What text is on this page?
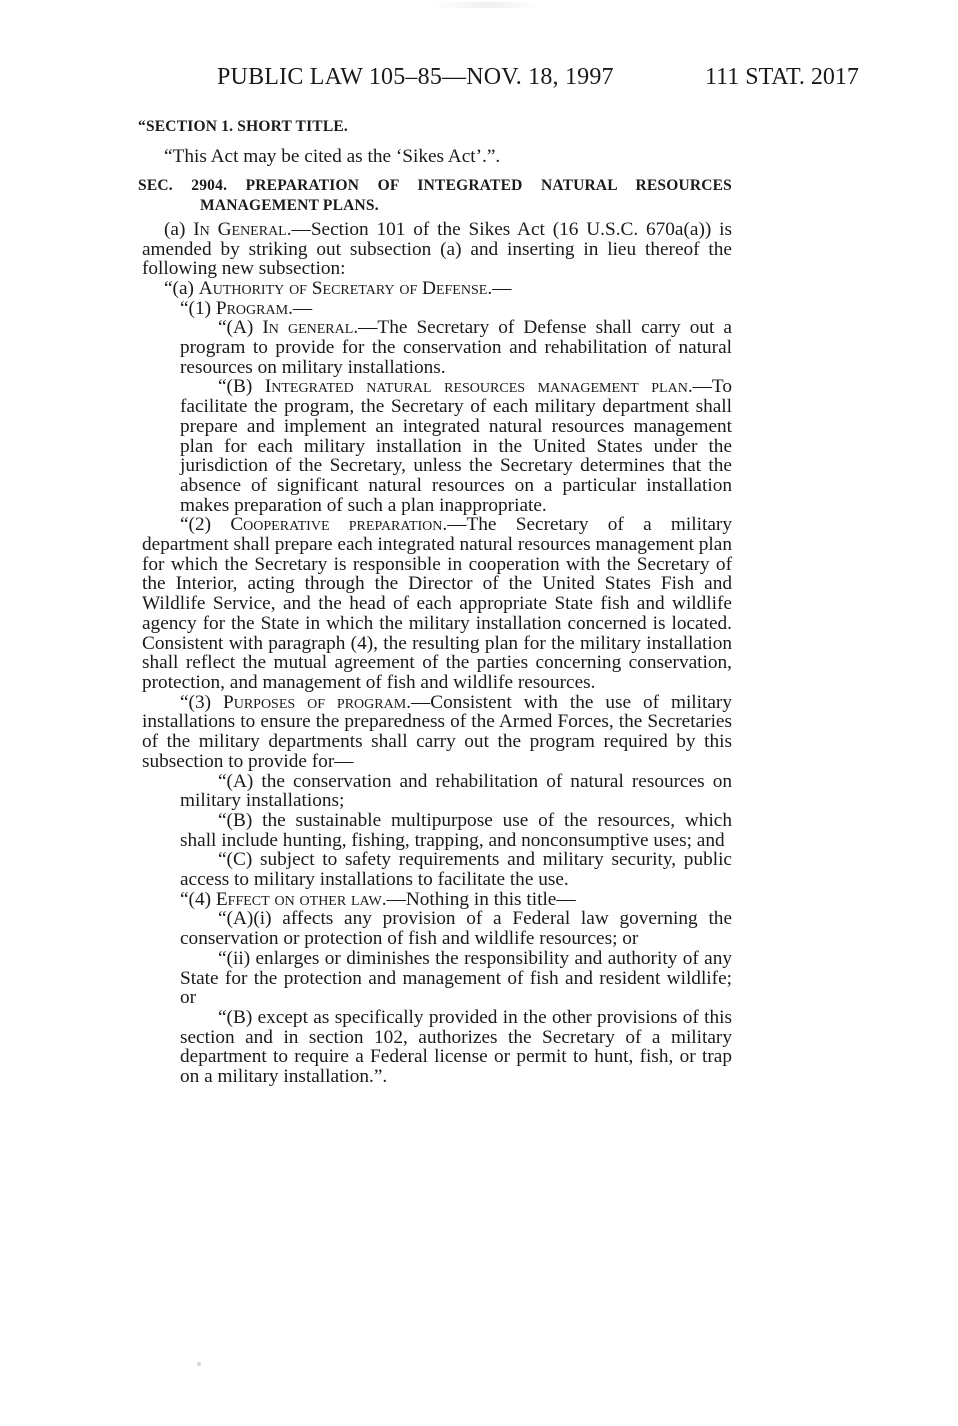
PUBLIC LAW 105–85—NOV. 18, 1997	111 STAT. 2017

“SECTION 1. SHORT TITLE.

“This Act may be cited as the ‘Sikes Act’.”.

SEC. 2904. PREPARATION OF INTEGRATED NATURAL RESOURCES MANAGEMENT PLANS.

(a) In General.—Section 101 of the Sikes Act (16 U.S.C. 670a(a)) is amended by striking out subsection (a) and inserting in lieu thereof the following new subsection:

“(a) Authority of Secretary of Defense.—

“(1) Program.—

“(A) In general.—The Secretary of Defense shall carry out a program to provide for the conservation and rehabilitation of natural resources on military installations.

“(B) Integrated natural resources management plan.—To facilitate the program, the Secretary of each military department shall prepare and implement an integrated natural resources management plan for each military installation in the United States under the jurisdiction of the Secretary, unless the Secretary determines that the absence of significant natural resources on a particular installation makes preparation of such a plan inappropriate.

“(2) Cooperative preparation.—The Secretary of a military department shall prepare each integrated natural resources management plan for which the Secretary is responsible in cooperation with the Secretary of the Interior, acting through the Director of the United States Fish and Wildlife Service, and the head of each appropriate State fish and wildlife agency for the State in which the military installation concerned is located. Consistent with paragraph (4), the resulting plan for the military installation shall reflect the mutual agreement of the parties concerning conservation, protection, and management of fish and wildlife resources.

“(3) Purposes of program.—Consistent with the use of military installations to ensure the preparedness of the Armed Forces, the Secretaries of the military departments shall carry out the program required by this subsection to provide for—

“(A) the conservation and rehabilitation of natural resources on military installations;

“(B) the sustainable multipurpose use of the resources, which shall include hunting, fishing, trapping, and nonconsumptive uses; and

“(C) subject to safety requirements and military security, public access to military installations to facilitate the use.

“(4) Effect on other law.—Nothing in this title—

“(A)(i) affects any provision of a Federal law governing the conservation or protection of fish and wildlife resources; or

“(ii) enlarges or diminishes the responsibility and authority of any State for the protection and management of fish and resident wildlife; or

“(B) except as specifically provided in the other provisions of this section and in section 102, authorizes the Secretary of a military department to require a Federal license or permit to hunt, fish, or trap on a military installation.”.
